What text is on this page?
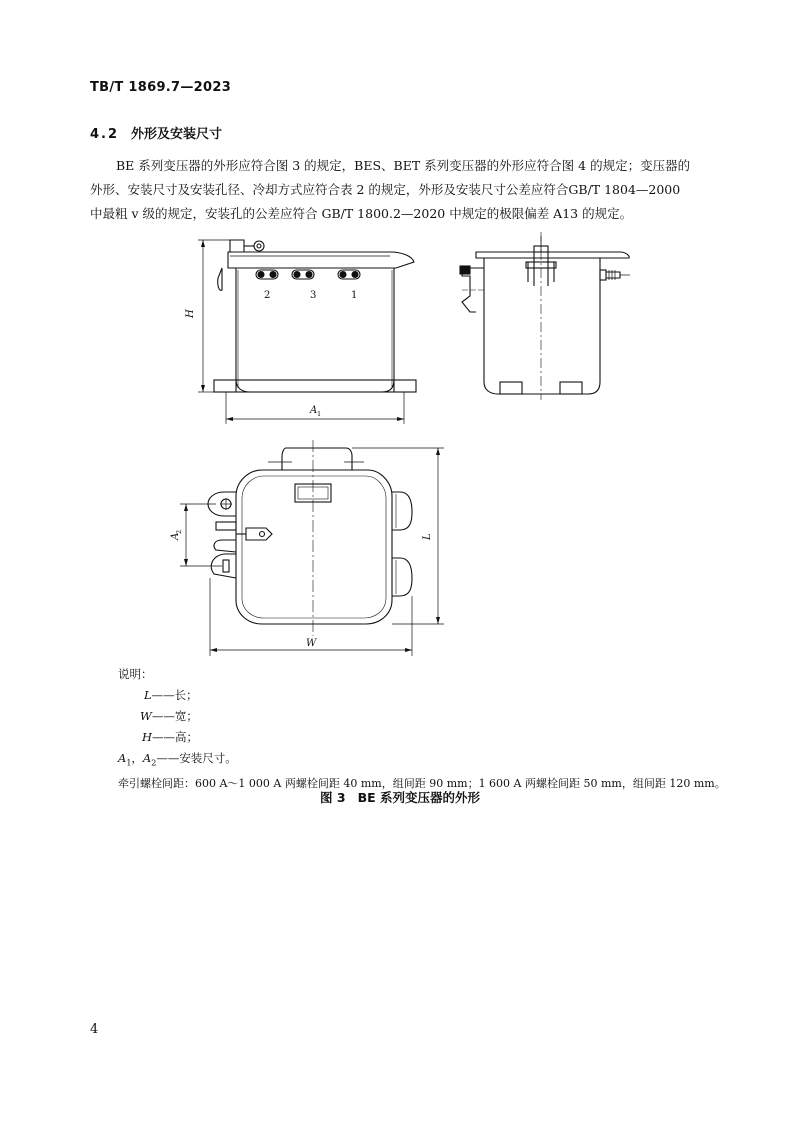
TB/T 1869.7—2023
4.2 外形及安装尺寸

BE 系列变压器的外形应符合图 3 的规定，BES、BET 系列变压器的外形应符合图 4 的规定；变压器的

外形、安装尺寸及安装孔径、冷却方式应符合表 2 的规定，外形及安装尺寸公差应符合GB/T 1804—2000

中最粗 v 级的规定，安装孔的公差应符合 GB/T 1800.2—2020 中规定的极限偏差 A13 的规定。

2	3	1
H
A 1
A
2
L
W
说明：
L——长；
W——宽；
H——高；
$A_1$，$A_2——$安装尺寸。
牵引螺栓间距：600 A～1 000 A 两螺栓间距 40 mm，组间距 90 mm；1 600 A 两螺栓间距 50 mm，组间距 120 mm。
图 3 BE 系列变压器的外形
4
